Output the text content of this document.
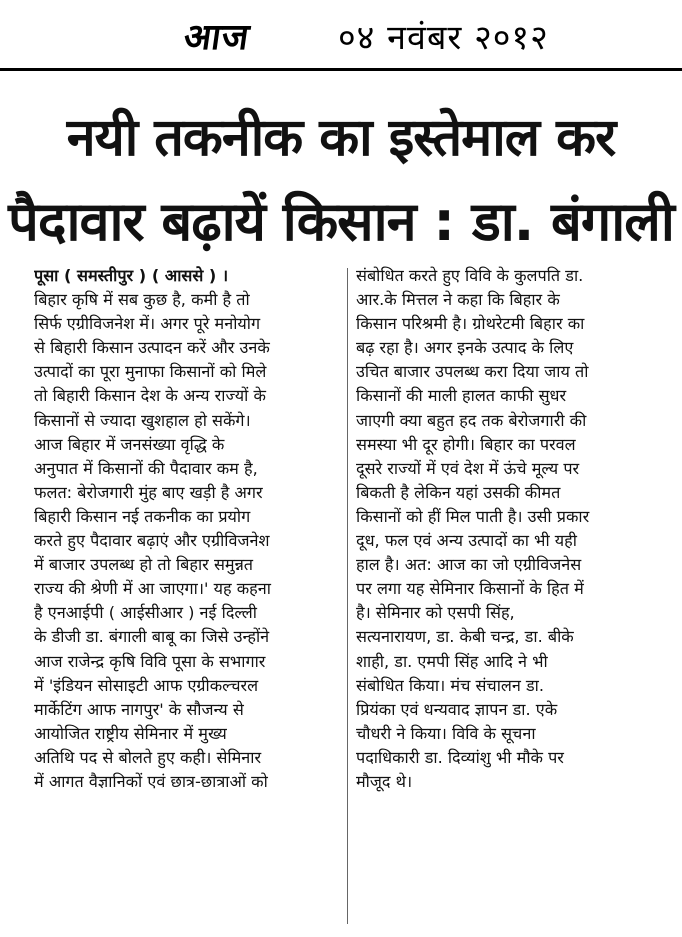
आज	०४ नवंबर २०१२
नयी तकनीक का इस्तेमाल कर
पैदावार बढ़ायें किसान : डा. बंगाली
पूसा ( समस्तीपुर ) ( आससे ) ।
बिहार कृषि में सब कुछ है, कमी है तो
सिर्फ एग्रीविजनेश में। अगर पूरे मनोयोग
से बिहारी किसान उत्पादन करें और उनके
उत्पादों का पूरा मुनाफा किसानों को मिले
तो बिहारी किसान देश के अन्य राज्यों के
किसानों से ज्यादा खुशहाल हो सकेंगे।
आज बिहार में जनसंख्या वृद्धि के
अनुपात में किसानों की पैदावार कम है,
फलत: बेरोजगारी मुंह बाए खड़ी है अगर
बिहारी किसान नई तकनीक का प्रयोग
करते हुए पैदावार बढ़ाएं और एग्रीविजनेश
में बाजार उपलब्ध हो तो बिहार समुन्नत
राज्य की श्रेणी में आ जाएगा।' यह कहना
है एनआईपी ( आईसीआर ) नई दिल्ली
के डीजी डा. बंगाली बाबू का जिसे उन्होंने
आज राजेन्द्र कृषि विवि पूसा के सभागार
में 'इंडियन सोसाइटी आफ एग्रीकल्चरल
मार्केटिंग आफ नागपुर' के सौजन्य से
आयोजित राष्ट्रीय सेमिनार में मुख्य
अतिथि पद से बोलते हुए कही। सेमिनार
में आगत वैज्ञानिकों एवं छात्र-छात्राओं को
संबोधित करते हुए विवि के कुलपति डा.
आर.के मित्तल ने कहा कि बिहार के
किसान परिश्रमी है। ग्रोथरेटमी बिहार का
बढ़ रहा है। अगर इनके उत्पाद के लिए
उचित बाजार उपलब्ध करा दिया जाय तो
किसानों की माली हालत काफी सुधर
जाएगी क्या बहुत हद तक बेरोजगारी की
समस्या भी दूर होगी। बिहार का परवल
दूसरे राज्यों में एवं देश में ऊंचे मूल्य पर
बिकती है लेकिन यहां उसकी कीमत
किसानों को हीं मिल पाती है। उसी प्रकार
दूध, फल एवं अन्य उत्पादों का भी यही
हाल है। अत: आज का जो एग्रीविजनेस
पर लगा यह सेमिनार किसानों के हित में
है। सेमिनार को एसपी सिंह,
सत्यनारायण, डा. केबी चन्द्र, डा. बीके
शाही, डा. एमपी सिंह आदि ने भी
संबोधित किया। मंच संचालन डा.
प्रियंका एवं धन्यवाद ज्ञापन डा. एके
चौधरी ने किया। विवि के सूचना
पदाधिकारी डा. दिव्यांशु भी मौके पर
मौजूद थे।
